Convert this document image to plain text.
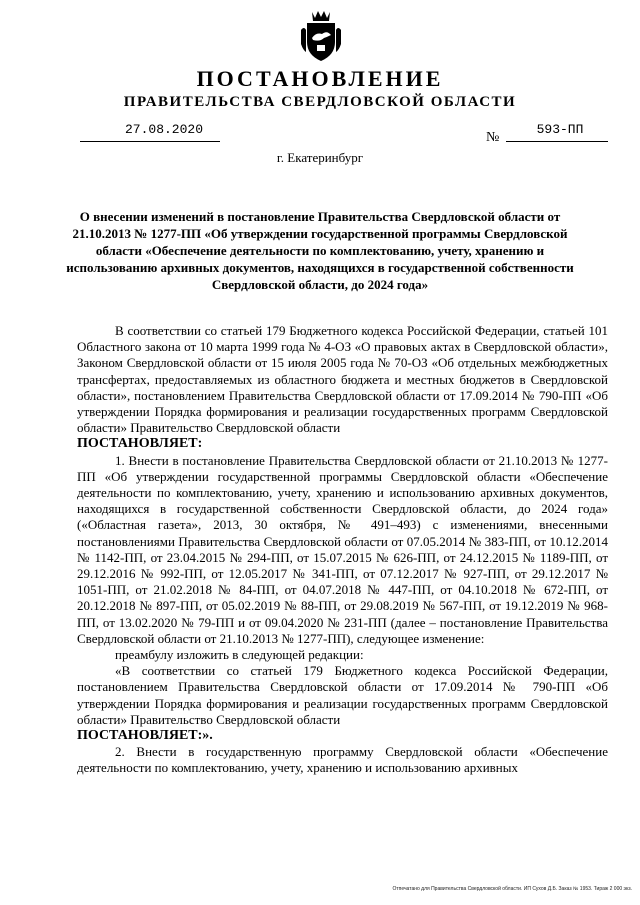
ПОСТАНОВЛЕНИЕ
ПРАВИТЕЛЬСТВА СВЕРДЛОВСКОЙ ОБЛАСТИ
27.08.2020
№
593-ПП
г. Екатеринбург
О внесении изменений в постановление Правительства Свердловской области от 21.10.2013 № 1277-ПП «Об утверждении государственной программы Свердловской области «Обеспечение деятельности по комплектованию, учету, хранению и использованию архивных документов, находящихся в государственной собственности Свердловской области, до 2024 года»

В соответствии со статьей 179 Бюджетного кодекса Российской Федерации, статьей 101 Областного закона от 10 марта 1999 года № 4-ОЗ «О правовых актах в Свердловской области», Законом Свердловской области от 15 июля 2005 года № 70-ОЗ «Об отдельных межбюджетных трансфертах, предоставляемых из областного бюджета и местных бюджетов в Свердловской области», постановлением Правительства Свердловской области от 17.09.2014 № 790-ПП «Об утверждении Порядка формирования и реализации государственных программ Свердловской области» Правительство Свердловской области

ПОСТАНОВЛЯЕТ:

1. Внести в постановление Правительства Свердловской области от 21.10.2013 № 1277-ПП «Об утверждении государственной программы Свердловской области «Обеспечение деятельности по комплектованию, учету, хранению и использованию архивных документов, находящихся в государственной собственности Свердловской области, до 2024 года» («Областная газета», 2013, 30 октября, № 491–493) с изменениями, внесенными постановлениями Правительства Свердловской области от 07.05.2014 № 383-ПП, от 10.12.2014 № 1142-ПП, от 23.04.2015 № 294-ПП, от 15.07.2015 № 626-ПП, от 24.12.2015 № 1189-ПП, от 29.12.2016 № 992-ПП, от 12.05.2017 № 341-ПП, от 07.12.2017 № 927-ПП, от 29.12.2017 № 1051-ПП, от 21.02.2018 № 84-ПП, от 04.07.2018 № 447-ПП, от 04.10.2018 № 672-ПП, от 20.12.2018 № 897-ПП, от 05.02.2019 № 88-ПП, от 29.08.2019 № 567-ПП, от 19.12.2019 № 968-ПП, от 13.02.2020 № 79-ПП и от 09.04.2020 № 231-ПП (далее – постановление Правительства Свердловской области от 21.10.2013 № 1277-ПП), следующее изменение:

преамбулу изложить в следующей редакции:

«В соответствии со статьей 179 Бюджетного кодекса Российской Федерации, постановлением Правительства Свердловской области от 17.09.2014 № 790-ПП «Об утверждении Порядка формирования и реализации государственных программ Свердловской области» Правительство Свердловской области

ПОСТАНОВЛЯЕТ:».

2. Внести в государственную программу Свердловской области «Обеспечение деятельности по комплектованию, учету, хранению и использованию архивных

Отпечатано для Правительства Свердловской области. ИП Сухов Д.Б. Заказ № 1953. Тираж 2 000 экз.
